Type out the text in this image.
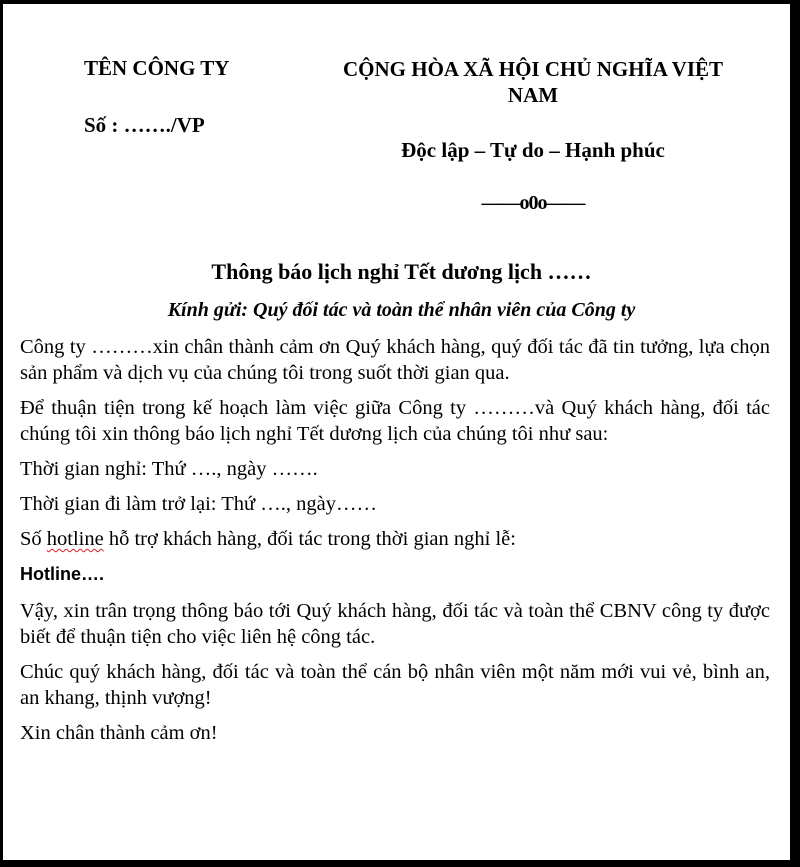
TÊN CÔNG TY
Số : ……./VP
CỘNG HÒA XÃ HỘI CHỦ NGHĨA VIỆT NAM
Độc lập – Tự do – Hạnh phúc
——o0o——
Thông báo lịch nghỉ Tết dương lịch ……
Kính gửi: Quý đối tác và toàn thể nhân viên của Công ty

Công ty ………xin chân thành cảm ơn Quý khách hàng, quý đối tác đã tin tưởng, lựa chọn sản phẩm và dịch vụ của chúng tôi trong suốt thời gian qua.

Để thuận tiện trong kế hoạch làm việc giữa Công ty ………và Quý khách hàng, đối tác chúng tôi xin thông báo lịch nghỉ Tết dương lịch của chúng tôi như sau:

Thời gian nghỉ: Thứ …., ngày …….

Thời gian đi làm trở lại: Thứ …., ngày……

Số hotline hỗ trợ khách hàng, đối tác trong thời gian nghỉ lễ:

Hotline….

Vậy, xin trân trọng thông báo tới Quý khách hàng, đối tác và toàn thể CBNV công ty được biết để thuận tiện cho việc liên hệ công tác.

Chúc quý khách hàng, đối tác và toàn thể cán bộ nhân viên một năm mới vui vẻ, bình an, an khang, thịnh vượng!

Xin chân thành cảm ơn!
